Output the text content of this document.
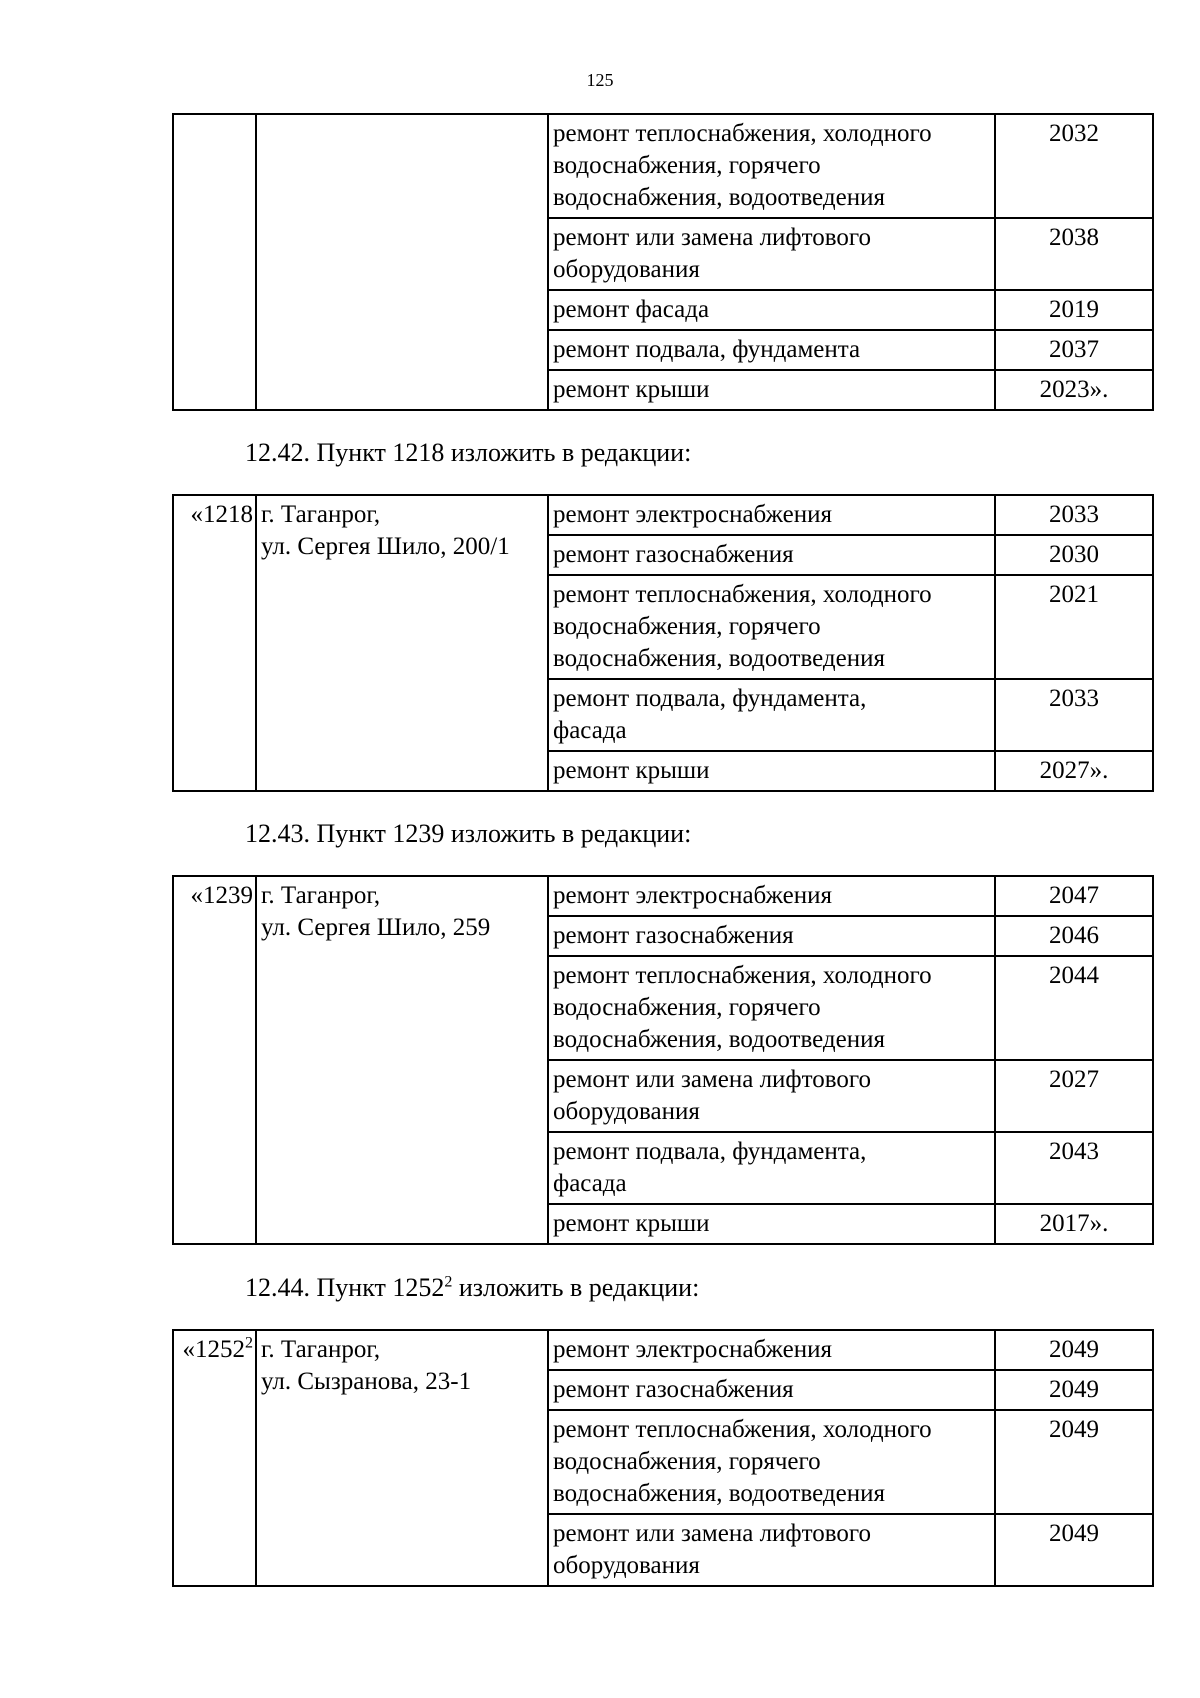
125
		ремонт теплоснабжения, холодного
водоснабжения, горячего
водоснабжения, водоотведения	2032
		ремонт или замена лифтового
оборудования	2038
		ремонт фасада	2019
		ремонт подвала, фундамента	2037
		ремонт крыши	2023».
12.42. Пункт 1218 изложить в редакции:
«1218	г. Таганрог,
ул. Сергея Шило, 200/1	ремонт электроснабжения	2033
		ремонт газоснабжения	2030
		ремонт теплоснабжения, холодного
водоснабжения, горячего
водоснабжения, водоотведения	2021
		ремонт подвала, фундамента,
фасада	2033
		ремонт крыши	2027».
12.43. Пункт 1239 изложить в редакции:
«1239	г. Таганрог,
ул. Сергея Шило, 259	ремонт электроснабжения	2047
		ремонт газоснабжения	2046
		ремонт теплоснабжения, холодного
водоснабжения, горячего
водоснабжения, водоотведения	2044
		ремонт или замена лифтового
оборудования	2027
		ремонт подвала, фундамента,
фасада	2043
		ремонт крыши	2017».
12.44. Пункт 1252$^2$ изложить в редакции:
«1252$^2$	г. Таганрог,
ул. Сызранова, 23-1	ремонт электроснабжения	2049
		ремонт газоснабжения	2049
		ремонт теплоснабжения, холодного
водоснабжения, горячего
водоснабжения, водоотведения	2049
		ремонт или замена лифтового
оборудования	2049
